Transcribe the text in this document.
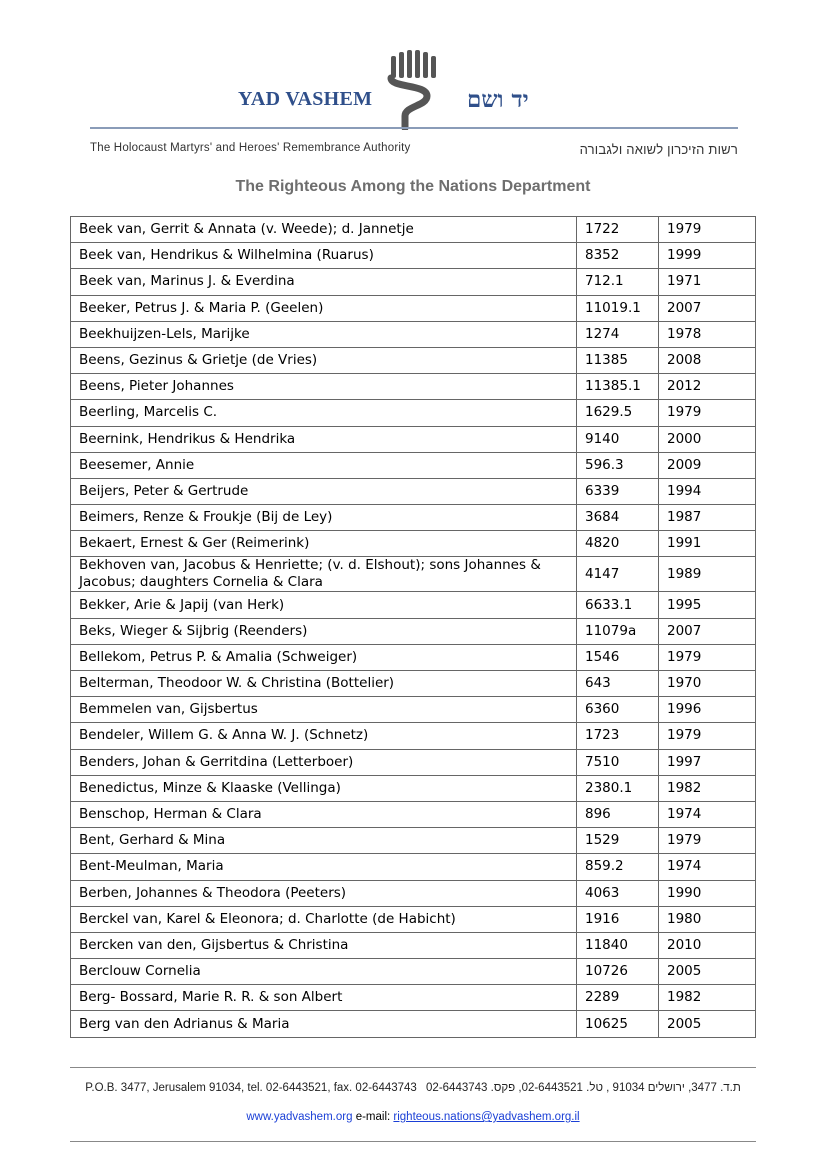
YAD VASHEM	יד ושם
The Holocaust Martyrs' and Heroes' Remembrance Authority	רשות הזיכרון לשואה ולגבורה
The Righteous Among the Nations Department
Beek van, Gerrit & Annata (v. Weede); d. Jannetje	1722	1979
Beek van, Hendrikus & Wilhelmina (Ruarus)	8352	1999
Beek van, Marinus J. & Everdina	712.1	1971
Beeker, Petrus J. & Maria P. (Geelen)	11019.1	2007
Beekhuijzen-Lels, Marijke	1274	1978
Beens, Gezinus & Grietje (de Vries)	11385	2008
Beens, Pieter Johannes	11385.1	2012
Beerling, Marcelis C.	1629.5	1979
Beernink, Hendrikus & Hendrika	9140	2000
Beesemer, Annie	596.3	2009
Beijers, Peter & Gertrude	6339	1994
Beimers, Renze & Froukje (Bij de Ley)	3684	1987
Bekaert, Ernest & Ger (Reimerink)	4820	1991
Bekhoven van, Jacobus & Henriette; (v. d. Elshout); sons Johannes & Jacobus; daughters Cornelia & Clara	4147	1989
Bekker, Arie & Japij (van Herk)	6633.1	1995
Beks, Wieger & Sijbrig (Reenders)	11079a	2007
Bellekom, Petrus P. & Amalia (Schweiger)	1546	1979
Belterman, Theodoor W. & Christina (Bottelier)	643	1970
Bemmelen van, Gijsbertus	6360	1996
Bendeler, Willem G. & Anna W. J. (Schnetz)	1723	1979
Benders, Johan & Gerritdina (Letterboer)	7510	1997
Benedictus, Minze & Klaaske (Vellinga)	2380.1	1982
Benschop, Herman & Clara	896	1974
Bent, Gerhard & Mina	1529	1979
Bent-Meulman, Maria	859.2	1974
Berben, Johannes & Theodora (Peeters)	4063	1990
Berckel van, Karel & Eleonora; d. Charlotte (de Habicht)	1916	1980
Bercken van den, Gijsbertus & Christina	11840	2010
Berclouw Cornelia	10726	2005
Berg- Bossard, Marie R. R. & son Albert	2289	1982
Berg van den Adrianus & Maria	10625	2005
P.O.B. 3477, Jerusalem 91034, tel. 02-6443521, fax. 02-6443743 ת.ד. 3477, ירושלים 91034 , טל. 02-6443521, פקס. 02-6443743
www.yadvashem.org e-mail: righteous.nations@yadvashem.org.il
